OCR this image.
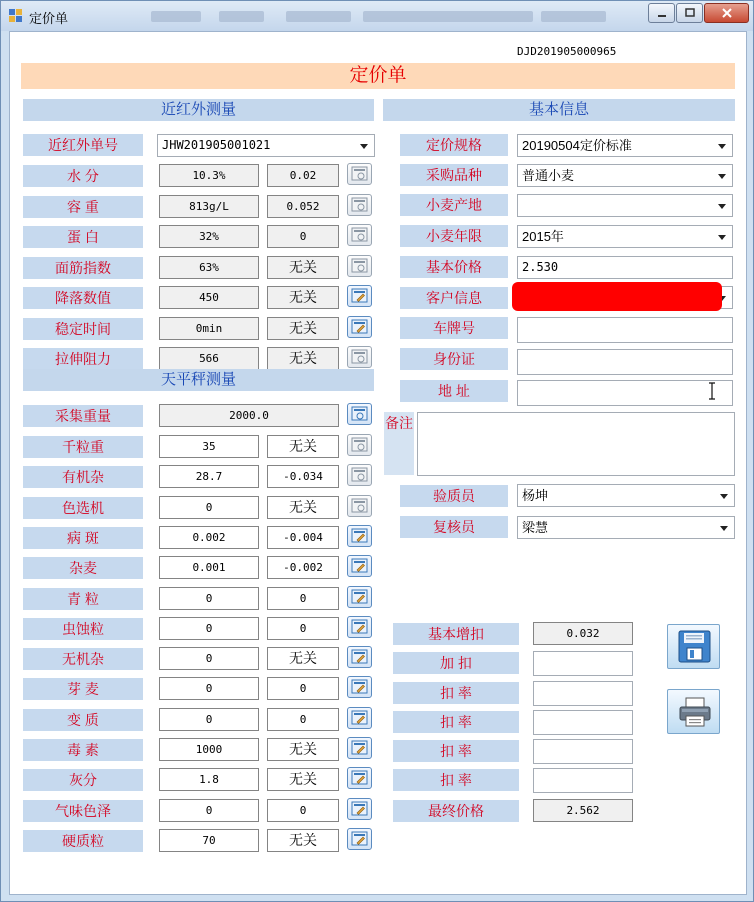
定价单
DJD201905000965
定价单
近红外测量
近红外单号	JHW201905001021
水 分	10.3%	0.02
容 重	813g/L	0.052
蛋 白	32%	0
面筋指数	63%	无关
降落数值	450	无关
稳定时间	0min	无关
拉伸阻力	566	无关
天平秤测量
采集重量	2000.0
千粒重	35	无关
有机杂	28.7	-0.034
色选机	0	无关
病 斑	0.002	-0.004
杂麦	0.001	-0.002
青 粒	0	0
虫蚀粒	0	0
无机杂	0	无关
芽 麦	0	0
变 质	0	0
毒 素	1000	无关
灰分	1.8	无关
气味色泽	0	0
硬质粒	70	无关
基本信息
定价规格	20190504定价标准
采购品种	普通小麦
小麦产地
小麦年限	2015年
基本价格	2.530
客户信息
车牌号
身份证
地 址
备注
验质员	杨坤
复核员	梁慧
基本增扣	0.032
加 扣
扣 率
扣 率
扣 率
扣 率
最终价格	2.562
